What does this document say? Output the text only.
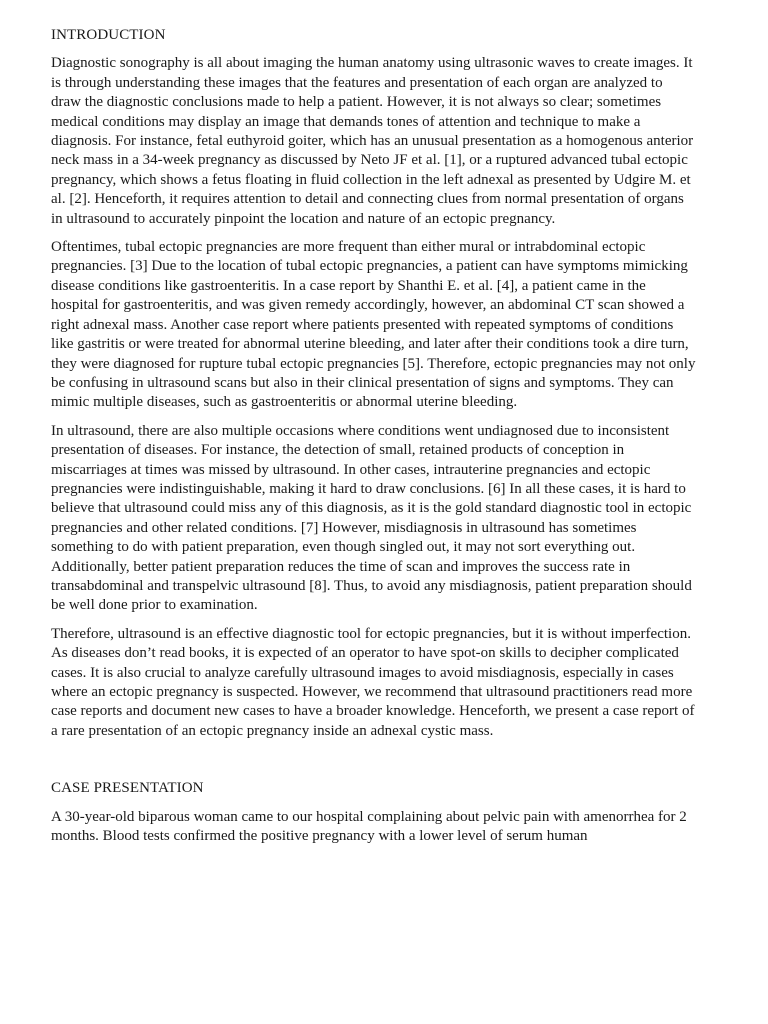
INTRODUCTION

Diagnostic sonography is all about imaging the human anatomy using ultrasonic waves to create images. It is through understanding these images that the features and presentation of each organ are analyzed to draw the diagnostic conclusions made to help a patient. However, it is not always so clear; sometimes medical conditions may display an image that demands tones of attention and technique to make a diagnosis. For instance, fetal euthyroid goiter, which has an unusual presentation as a homogenous anterior neck mass in a 34-week pregnancy as discussed by Neto JF et al. [1], or a ruptured advanced tubal ectopic pregnancy, which shows a fetus floating in fluid collection in the left adnexal as presented by Udgire M. et al. [2]. Henceforth, it requires attention to detail and connecting clues from normal presentation of organs in ultrasound to accurately pinpoint the location and nature of an ectopic pregnancy.

Oftentimes, tubal ectopic pregnancies are more frequent than either mural or intrabdominal ectopic pregnancies. [3] Due to the location of tubal ectopic pregnancies, a patient can have symptoms mimicking disease conditions like gastroenteritis. In a case report by Shanthi E. et al. [4], a patient came in the hospital for gastroenteritis, and was given remedy accordingly, however, an abdominal CT scan showed a right adnexal mass. Another case report where patients presented with repeated symptoms of conditions like gastritis or were treated for abnormal uterine bleeding, and later after their conditions took a dire turn, they were diagnosed for rupture tubal ectopic pregnancies [5]. Therefore, ectopic pregnancies may not only be confusing in ultrasound scans but also in their clinical presentation of signs and symptoms. They can mimic multiple diseases, such as gastroenteritis or abnormal uterine bleeding.

In ultrasound, there are also multiple occasions where conditions went undiagnosed due to inconsistent presentation of diseases. For instance, the detection of small, retained products of conception in miscarriages at times was missed by ultrasound. In other cases, intrauterine pregnancies and ectopic pregnancies were indistinguishable, making it hard to draw conclusions. [6] In all these cases, it is hard to believe that ultrasound could miss any of this diagnosis, as it is the gold standard diagnostic tool in ectopic pregnancies and other related conditions. [7] However, misdiagnosis in ultrasound has sometimes something to do with patient preparation, even though singled out, it may not sort everything out. Additionally, better patient preparation reduces the time of scan and improves the success rate in transabdominal and transpelvic ultrasound [8]. Thus, to avoid any misdiagnosis, patient preparation should be well done prior to examination.

Therefore, ultrasound is an effective diagnostic tool for ectopic pregnancies, but it is without imperfection. As diseases don’t read books, it is expected of an operator to have spot-on skills to decipher complicated cases. It is also crucial to analyze carefully ultrasound images to avoid misdiagnosis, especially in cases where an ectopic pregnancy is suspected. However, we recommend that ultrasound practitioners read more case reports and document new cases to have a broader knowledge. Henceforth, we present a case report of a rare presentation of an ectopic pregnancy inside an adnexal cystic mass.

CASE PRESENTATION

A 30-year-old biparous woman came to our hospital complaining about pelvic pain with amenorrhea for 2 months. Blood tests confirmed the positive pregnancy with a lower level of serum human
